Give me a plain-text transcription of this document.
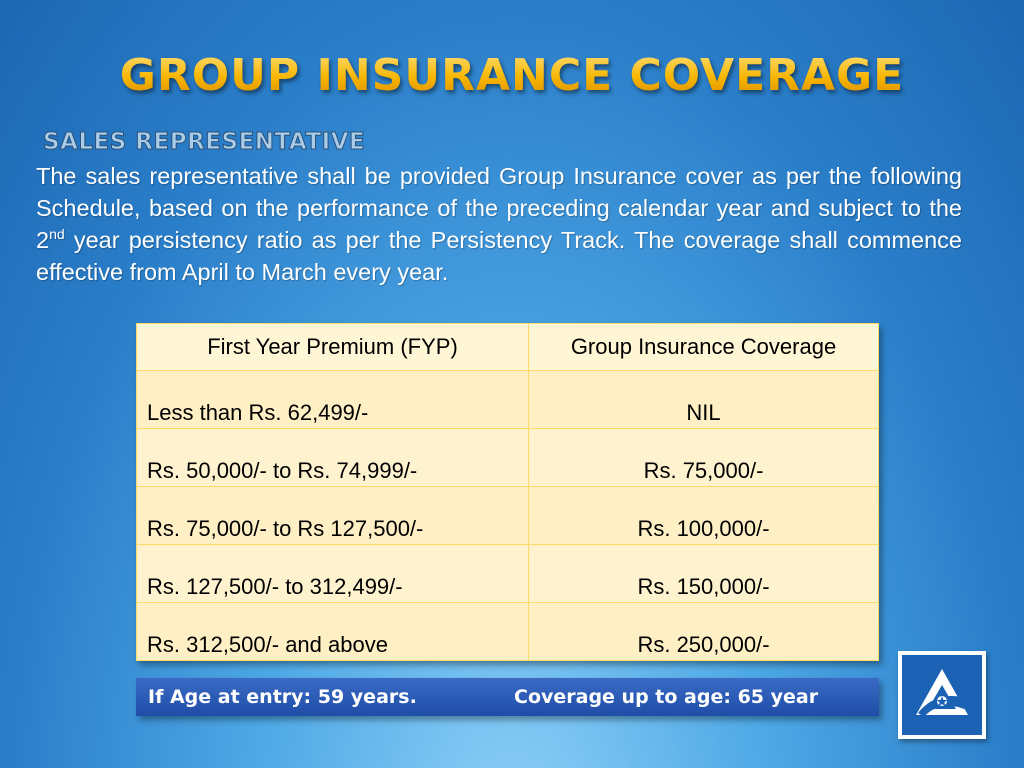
GROUP INSURANCE COVERAGE
SALES REPRESENTATIVE
The sales representative shall be provided Group Insurance cover as per the following Schedule, based on the performance of the preceding calendar year and subject to the 2nd year persistency ratio as per the Persistency Track. The coverage shall commence effective from April to March every year.
First Year Premium (FYP)	Group Insurance Coverage
Less than Rs. 62,499/-	NIL
Rs. 50,000/- to Rs. 74,999/-	Rs. 75,000/-
Rs. 75,000/- to Rs 127,500/-	Rs. 100,000/-
Rs. 127,500/- to 312,499/-	Rs. 150,000/-
Rs. 312,500/- and above	Rs. 250,000/-
If Age at entry: 59 years.	Coverage up to age: 65 year
